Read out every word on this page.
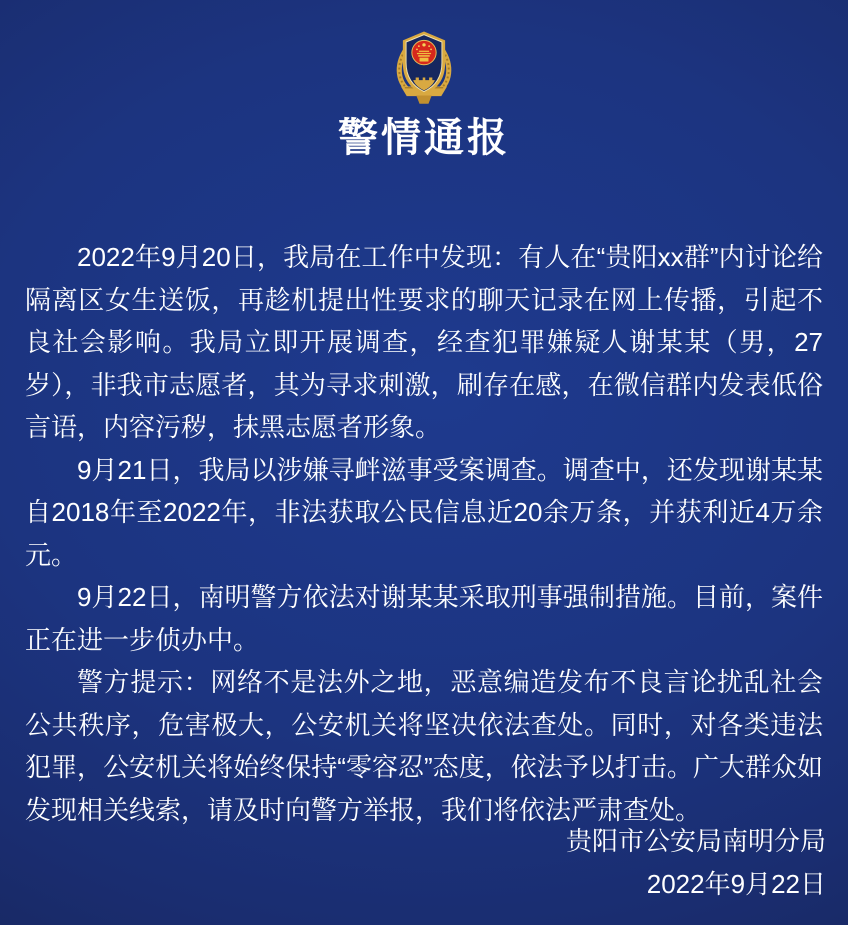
警情通报

2022年9月20日，我局在工作中发现：有人在“贵阳xx群”内讨论给隔离区女生送饭，再趁机提出性要求的聊天记录在网上传播，引起不良社会影响。我局立即开展调查，经查犯罪嫌疑人谢某某（男，27岁），非我市志愿者，其为寻求刺激，刷存在感，在微信群内发表低俗言语，内容污秽，抹黑志愿者形象。

9月21日，我局以涉嫌寻衅滋事受案调查。调查中，还发现谢某某自2018年至2022年，非法获取公民信息近20余万条，并获利近4万余元。

9月22日，南明警方依法对谢某某采取刑事强制措施。目前，案件正在进一步侦办中。

警方提示：网络不是法外之地，恶意编造发布不良言论扰乱社会公共秩序，危害极大，公安机关将坚决依法查处。同时，对各类违法犯罪，公安机关将始终保持“零容忍”态度，依法予以打击。广大群众如发现相关线索，请及时向警方举报，我们将依法严肃查处。

贵阳市公安局南明分局
2022年9月22日
